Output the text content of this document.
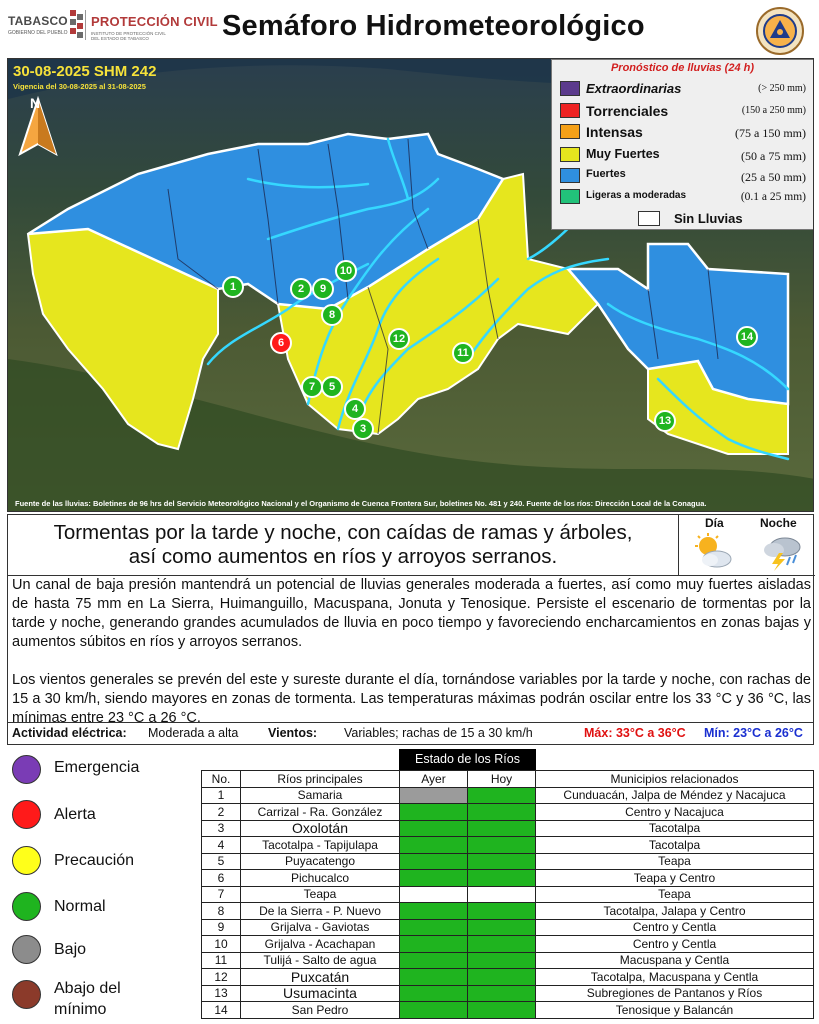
TABASCO
GOBIERNO DEL PUEBLO
PROTECCIÓN CIVIL
INSTITUTO DE PROTECCIÓN CIVIL DEL ESTADO DE TABASCO	Semáforo Hidrometeorológico
30-08-2025 SHM 242
Vigencia del 30-08-2025 al 31-08-2025
N
1	2	9
10
8
6	12
11
7	5
4
3
14
13
Pronóstico de lluvias (24 h)
Extraordinarias	(> 250 mm)
Torrenciales	(150 a 250 mm)
Intensas	(75 a 150 mm)
Muy Fuertes	(50 a 75 mm)
Fuertes	(25 a 50 mm)
Ligeras a moderadas	(0.1 a 25 mm)
Sin Lluvias
Fuente de las lluvias: Boletines de 96 hrs del Servicio Meteorológico Nacional y el Organismo de Cuenca Frontera Sur, boletines No. 481 y 240. Fuente de los ríos: Dirección Local de la Conagua.
Tormentas por la tarde y noche, con caídas de ramas y árboles,
así como aumentos en ríos y arroyos serranos.
Día	Noche

Un canal de baja presión mantendrá un potencial de lluvias generales moderada a fuertes, así como muy fuertes aisladas de hasta 75 mm en La Sierra, Huimanguillo, Macuspana, Jonuta y Tenosique. Persiste el escenario de tormentas por la tarde y noche, generando grandes acumulados de lluvia en poco tiempo y favoreciendo encharcamientos en zonas bajas y aumentos súbitos en ríos y arroyos serranos.

Los vientos generales se prevén del este y sureste durante el día, tornándose variables por la tarde y noche, con rachas de 15 a 30 km/h, siendo mayores en zonas de tormenta. Las temperaturas máximas podrán oscilar entre los 33 °C y 36 °C, las mínimas entre 23 °C a 26 °C.

Actividad eléctrica: Moderada a alta Vientos: Variables; rachas de 15 a 30 km/h	Máx: 33°C a 36°C Mín: 23°C a 26°C
Emergencia
Alerta
Precaución
Normal
Bajo
Abajo del mínimo
Estado de los Ríos
No.	Ríos principales	Ayer	Hoy	Municipios relacionados
1	Samaria			Cunduacán, Jalpa de Méndez y Nacajuca
2	Carrizal - Ra. González			Centro y Nacajuca
3	Oxolotán			Tacotalpa
4	Tacotalpa - Tapijulapa			Tacotalpa
5	Puyacatengo			Teapa
6	Pichucalco			Teapa y Centro
7	Teapa			Teapa
8	De la Sierra - P. Nuevo			Tacotalpa, Jalapa y Centro
9	Grijalva - Gaviotas			Centro y Centla
10	Grijalva - Acachapan			Centro y Centla
11	Tulijá - Salto de agua			Macuspana y Centla
12	Puxcatán			Tacotalpa, Macuspana y Centla
13	Usumacinta			Subregiones de Pantanos y Ríos
14	San Pedro			Tenosique y Balancán
